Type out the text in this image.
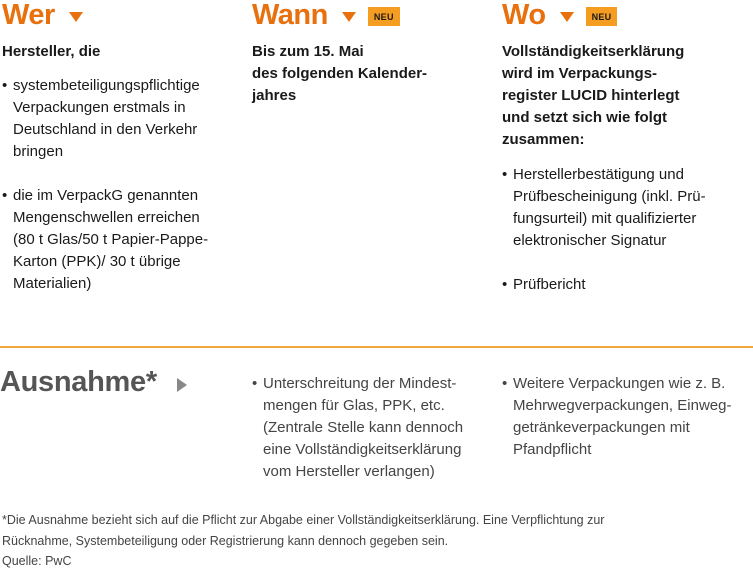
Wer
Hersteller, die
• systembeteiligungspflichtige
Verpackungen erstmals in
Deutschland in den Verkehr
bringen
• die im VerpackG genannten
Mengenschwellen erreichen
(80 t Glas/50 t Papier-Pappe-
Karton (PPK)/ 30 t übrige
Materialien)
Wann	NEU
Bis zum 15. Mai
des folgenden Kalender-
jahres
Wo	NEU
Vollständigkeitserklärung
wird im Verpackungs-
register LUCID hinterlegt
und setzt sich wie folgt
zusammen:
• Herstellerbestätigung und
Prüfbescheinigung (inkl. Prü-
fungsurteil) mit qualifizierter
elektronischer Signatur
• Prüfbericht
Ausnahme*
•	Unterschreitung der Mindest-
mengen für Glas, PPK, etc.
(Zentrale Stelle kann dennoch
eine Vollständigkeitserklärung
vom Hersteller verlangen)
• Weitere Verpackungen wie z. B.
Mehrwegverpackungen, Einweg-
getränkeverpackungen mit
Pfandpflicht
*Die Ausnahme bezieht sich auf die Pflicht zur Abgabe einer Vollständigkeitserklärung. Eine Verpflichtung zur
Rücknahme, Systembeteiligung oder Registrierung kann dennoch gegeben sein.
Quelle: PwC
